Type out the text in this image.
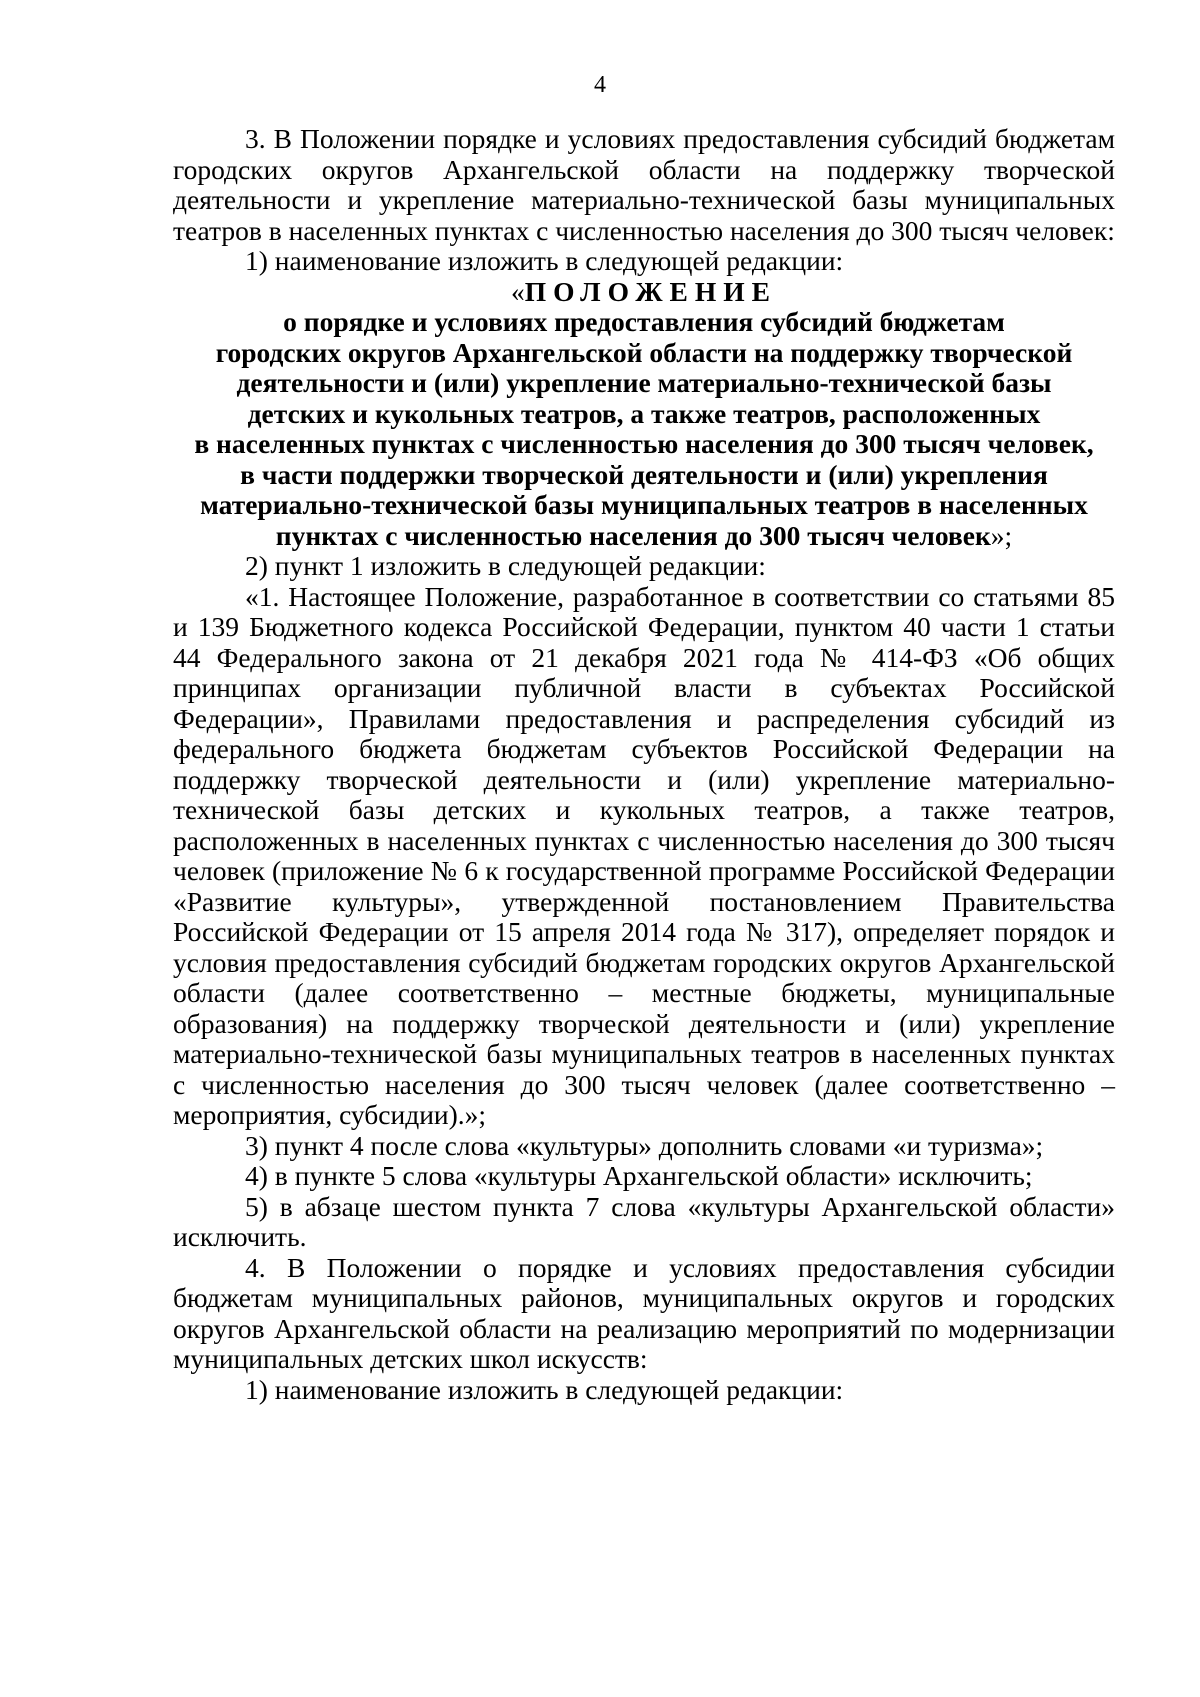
4

3. В Положении порядке и условиях предоставления субсидий бюджетам городских округов Архангельской области на поддержку творческой деятельности и укрепление материально-технической базы муниципальных театров в населенных пунктах с численностью населения до 300 тысяч человек:

1) наименование изложить в следующей редакции:

«ПОЛОЖЕНИЕ

о порядке и условиях предоставления субсидий бюджетам

городских округов Архангельской области на поддержку творческой

деятельности и (или) укрепление материально-технической базы

детских и кукольных театров, а также театров, расположенных

в населенных пунктах с численностью населения до 300 тысяч человек,

в части поддержки творческой деятельности и (или) укрепления

материально-технической базы муниципальных театров в населенных

пунктах с численностью населения до 300 тысяч человек»;

2) пункт 1 изложить в следующей редакции:

«1. Настоящее Положение, разработанное в соответствии со статьями 85 и 139 Бюджетного кодекса Российской Федерации, пунктом 40 части 1 статьи 44 Федерального закона от 21 декабря 2021 года № 414-ФЗ «Об общих принципах организации публичной власти в субъектах Российской Федерации», Правилами предоставления и распределения субсидий из федерального бюджета бюджетам субъектов Российской Федерации на поддержку творческой деятельности и (или) укрепление материально-технической базы детских и кукольных театров, а также театров, расположенных в населенных пунктах с численностью населения до 300 тысяч человек (приложение № 6 к государственной программе Российской Федерации «Развитие культуры», утвержденной постановлением Правительства Российской Федерации от 15 апреля 2014 года № 317), определяет порядок и условия предоставления субсидий бюджетам городских округов Архангельской области (далее соответственно – местные бюджеты, муниципальные образования) на поддержку творческой деятельности и (или) укрепление материально-технической базы муниципальных театров в населенных пунктах с численностью населения до 300 тысяч человек (далее соответственно – мероприятия, субсидии).»;

3) пункт 4 после слова «культуры» дополнить словами «и туризма»;

4) в пункте 5 слова «культуры Архангельской области» исключить;

5) в абзаце шестом пункта 7 слова «культуры Архангельской области» исключить.

4. В Положении о порядке и условиях предоставления субсидии бюджетам муниципальных районов, муниципальных округов и городских округов Архангельской области на реализацию мероприятий по модернизации муниципальных детских школ искусств:

1) наименование изложить в следующей редакции:
